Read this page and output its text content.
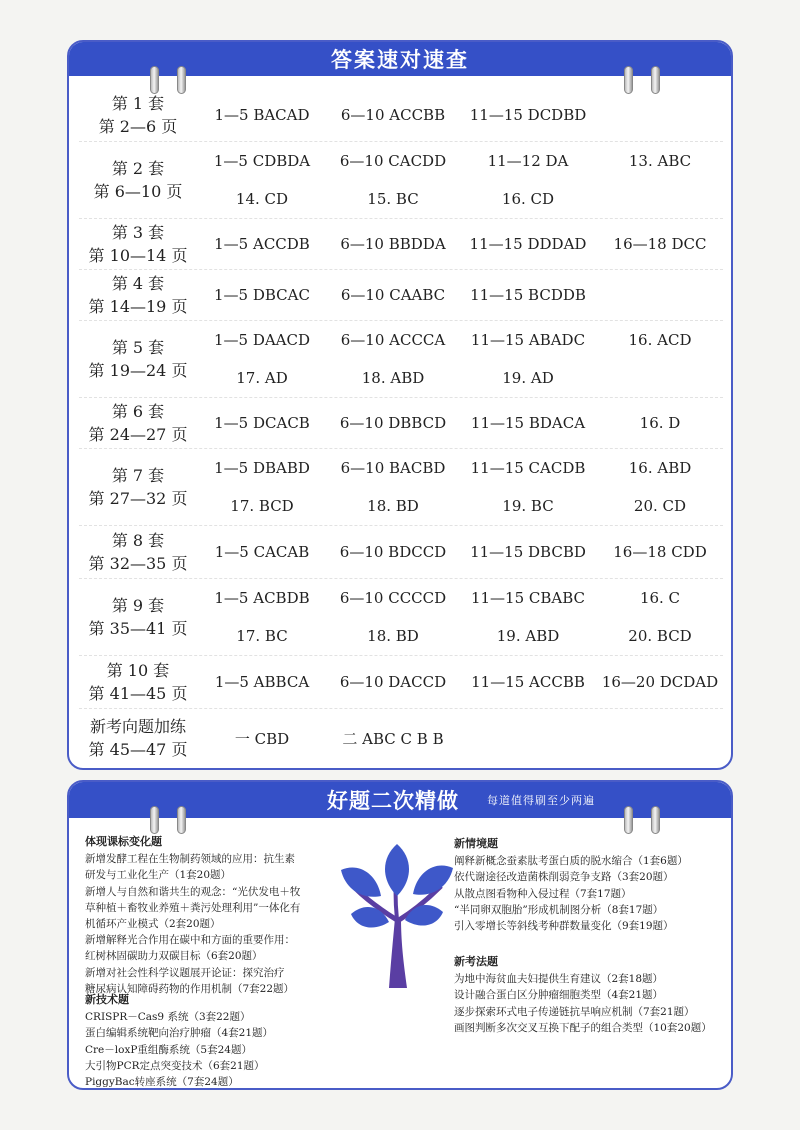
答案速对速查
第 1 套
第 2—6 页
1—5 BACAD	6—10 ACCBB	11—15 DCDBD
第 2 套
第 6—10 页
1—5 CDBDA	6—10 CACDD	11—12 DA	13. ABC
14. CD	15. BC	16. CD
第 3 套
第 10—14 页
1—5 ACCDB	6—10 BBDDA	11—15 DDDAD	16—18 DCC
第 4 套
第 14—19 页
1—5 DBCAC	6—10 CAABC	11—15 BCDDB
第 5 套
第 19—24 页
1—5 DAACD	6—10 ACCCA	11—15 ABADC	16. ACD
17. AD	18. ABD	19. AD
第 6 套
第 24—27 页
1—5 DCACB	6—10 DBBCD	11—15 BDACA	16. D
第 7 套
第 27—32 页
1—5 DBABD	6—10 BACBD	11—15 CACDB	16. ABD
17. BCD	18. BD	19. BC	20. CD
第 8 套
第 32—35 页
1—5 CACAB	6—10 BDCCD	11—15 DBCBD	16—18 CDD
第 9 套
第 35—41 页
1—5 ACBDB	6—10 CCCCD	11—15 CBABC	16. C
17. BC	18. BD	19. ABD	20. BCD
第 10 套
第 41—45 页
1—5 ABBCA	6—10 DACCD	11—15 ACCBB	16—20 DCDAD
新考向题加练
第 45—47 页
一 CBD	二 ABC C B B
好题二次精做	每道值得刷至少两遍
体现课标变化题
新增发酵工程在生物制药领域的应用：抗生素
研发与工业化生产（1套20题）
新增人与自然和谐共生的观念：“光伏发电＋牧
草种植＋畜牧业养殖＋粪污处理利用”一体化有
机循环产业模式（2套20题）
新增解释光合作用在碳中和方面的重要作用：
红树林固碳助力双碳目标（6套20题）
新增对社会性科学议题展开论证：探究治疗
糖尿病认知障碍药物的作用机制（7套22题）
新技术题
CRISPR－Cas9 系统（3套22题）
蛋白编辑系统靶向治疗肿瘤（4套21题）
Cre－loxP重组酶系统（5套24题）
大引物PCR定点突变技术（6套21题）
PiggyBac转座系统（7套24题）
新情境题
阐释新概念蚕素肽考蛋白质的脱水缩合（1套6题）
依代谢途径改造菌株削弱竞争支路（3套20题）
从散点图看物种入侵过程（7套17题）
“半同卵双胞胎”形成机制图分析（8套17题）
引入零增长等斜线考种群数量变化（9套19题）
新考法题
为地中海贫血夫妇提供生育建议（2套18题）
设计融合蛋白区分肿瘤细胞类型（4套21题）
逐步探索环式电子传递链抗旱响应机制（7套21题）
画图判断多次交叉互换下配子的组合类型（10套20题）
